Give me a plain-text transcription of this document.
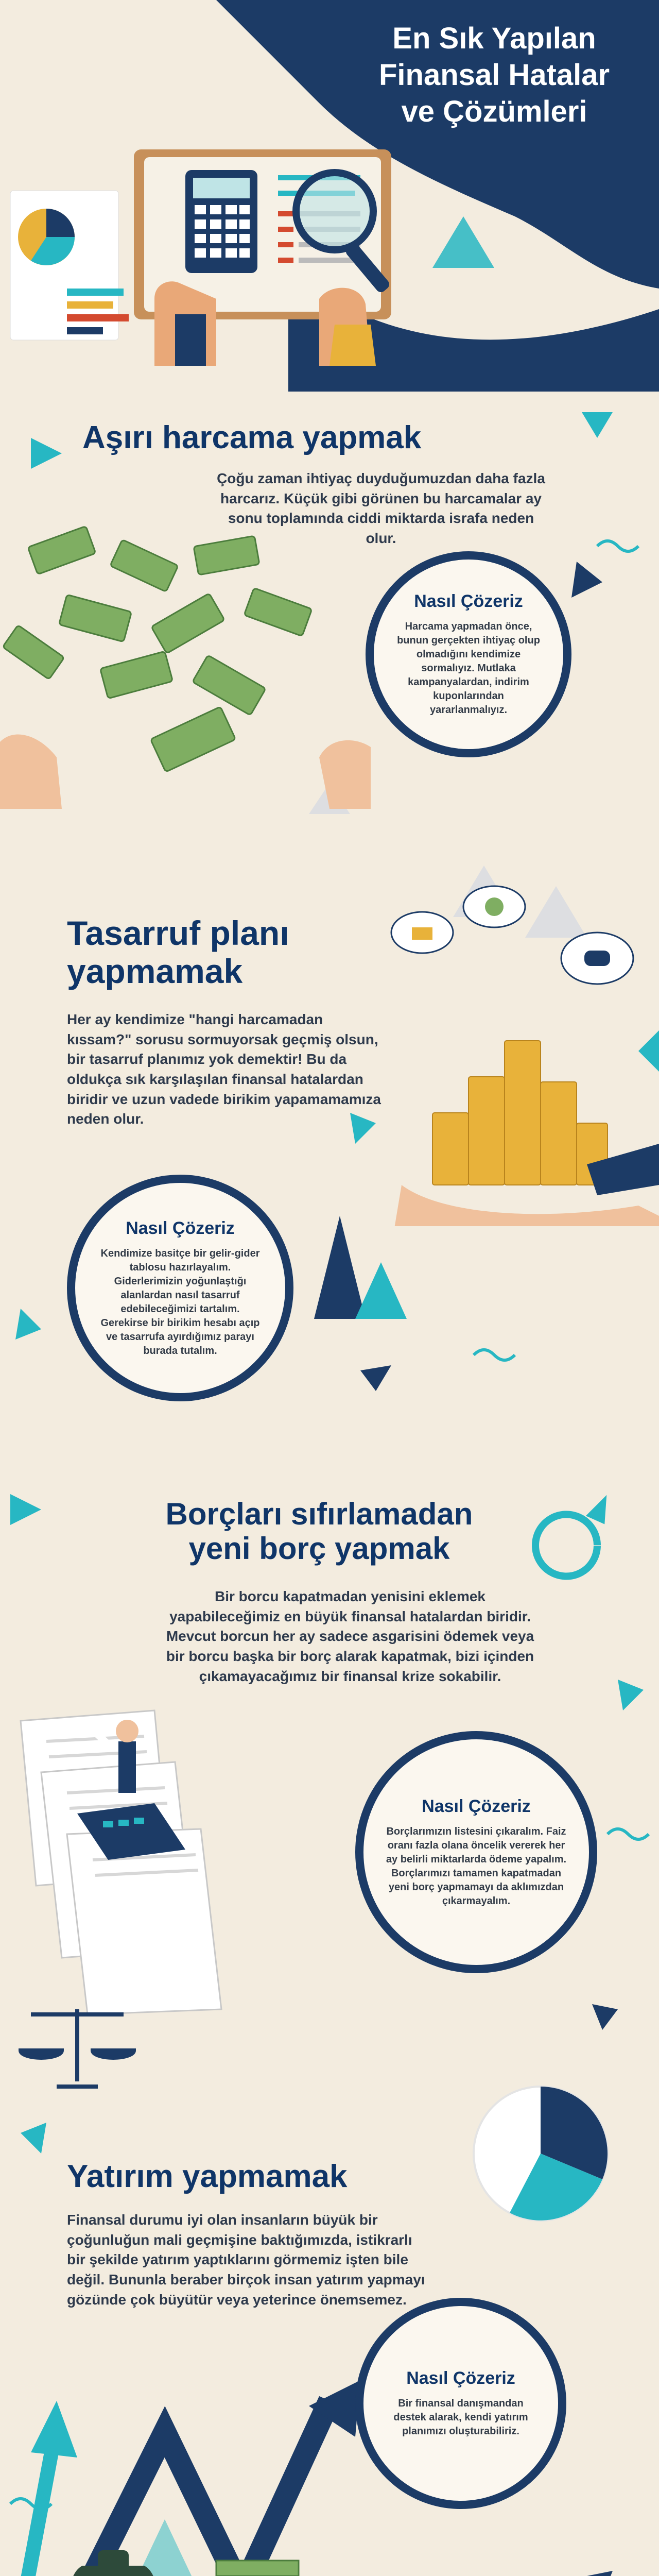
En Sık Yapılan
Finansal Hatalar
ve Çözümleri
Aşırı harcama yapmak
Çoğu zaman ihtiyaç duyduğumuzdan daha fazla harcarız. Küçük gibi görünen bu harcamalar ay sonu toplamında ciddi miktarda israfa neden olur.
Nasıl Çözeriz
Harcama yapmadan önce, bunun gerçekten ihtiyaç olup olmadığını kendimize sormalıyız. Mutlaka kampanyalardan, indirim kuponlarından yararlanmalıyız.
Tasarruf planı
yapmamak
Her ay kendimize "hangi harcamadan kıssam?" sorusu sormuyorsak geçmiş olsun, bir tasarruf planımız yok demektir! Bu da oldukça sık karşılaşılan finansal hatalardan biridir ve uzun vadede birikim yapamamamıza neden olur.
Nasıl Çözeriz
Kendimize basitçe bir gelir-gider tablosu hazırlayalım. Giderlerimizin yoğunlaştığı alanlardan nasıl tasarruf edebileceğimizi tartalım. Gerekirse bir birikim hesabı açıp ve tasarrufa ayırdığımız parayı burada tutalım.
Borçları sıfırlamadan
yeni borç yapmak
Bir borcu kapatmadan yenisini eklemek yapabileceğimiz en büyük finansal hatalardan biridir. Mevcut borcun her ay sadece asgarisini ödemek veya bir borcu başka bir borç alarak kapatmak, bizi içinden çıkamayacağımız bir finansal krize sokabilir.
Nasıl Çözeriz
Borçlarımızın listesini çıkaralım. Faiz oranı fazla olana öncelik vererek her ay belirli miktarlarda ödeme yapalım. Borçlarımızı tamamen kapatmadan yeni borç yapmamayı da aklımızdan çıkarmayalım.
Yatırım yapmamak
Finansal durumu iyi olan insanların büyük bir çoğunluğun mali geçmişine baktığımızda, istikrarlı bir şekilde yatırım yaptıklarını görmemiz işten bile değil. Bununla beraber birçok insan yatırım yapmayı gözünde çok büyütür veya yeterince önemsemez.
Nasıl Çözeriz
Bir finansal danışmandan destek alarak, kendi yatırım planımızı oluşturabiliriz.
